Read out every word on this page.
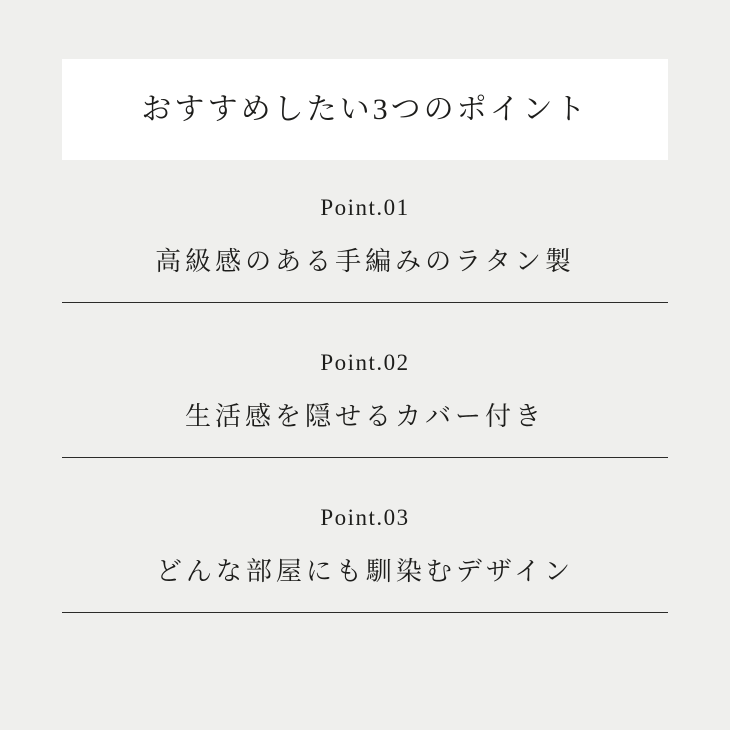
おすすめしたい3つのポイント
Point.01
高級感のある手編みのラタン製
Point.02
生活感を隠せるカバー付き
Point.03
どんな部屋にも馴染むデザイン
